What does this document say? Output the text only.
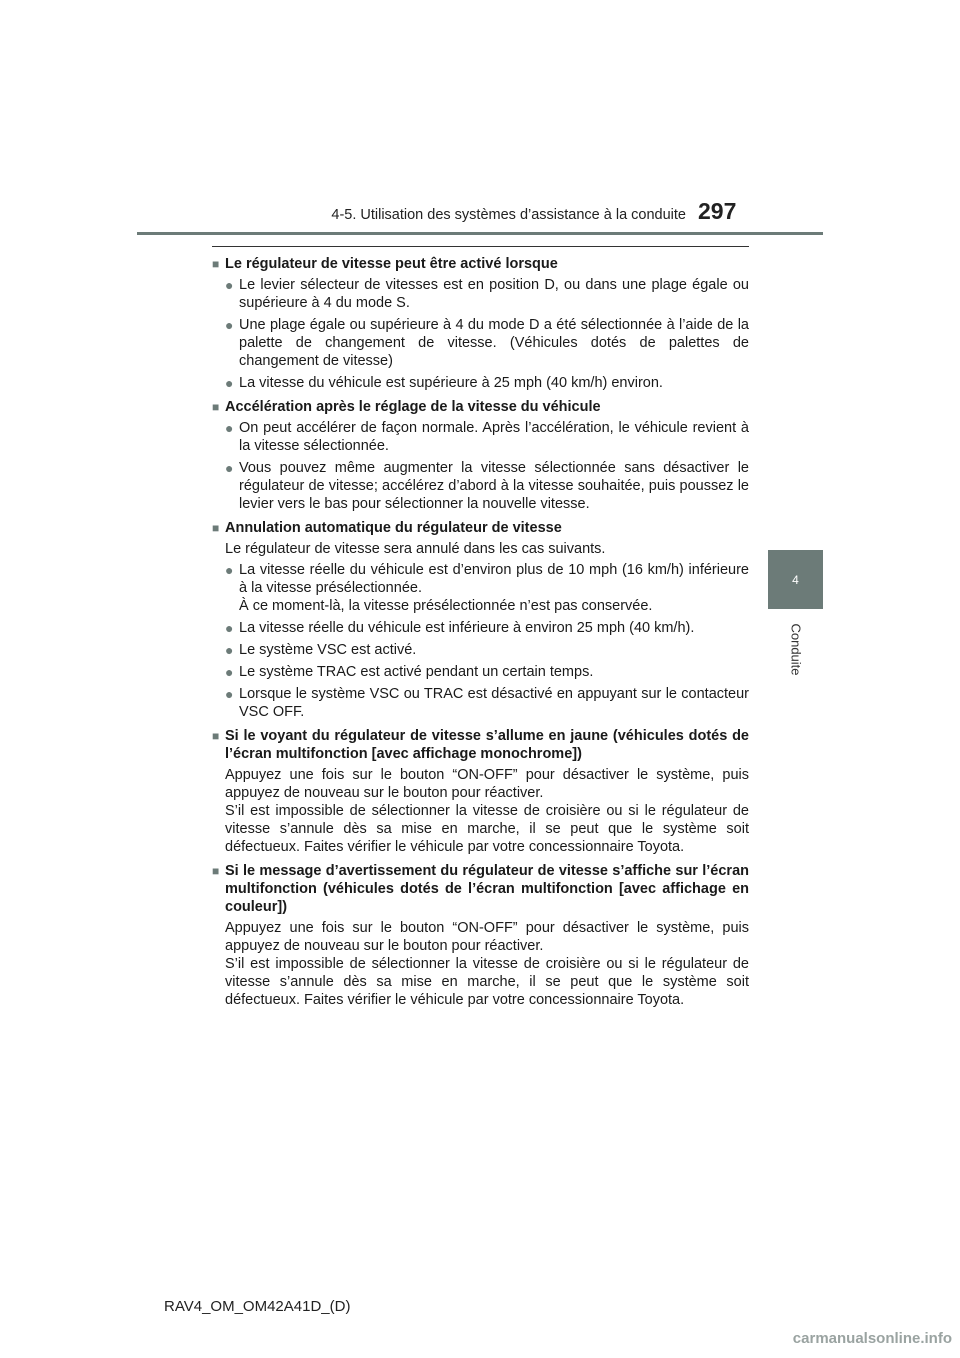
4-5. Utilisation des systèmes d’assistance à la conduite 297
4
Conduite
■ Le régulateur de vitesse peut être activé lorsque
● Le levier sélecteur de vitesses est en position D, ou dans une plage égale ou supérieure à 4 du mode S.
● Une plage égale ou supérieure à 4 du mode D a été sélectionnée à l’aide de la palette de changement de vitesse. (Véhicules dotés de palettes de changement de vitesse)
● La vitesse du véhicule est supérieure à 25 mph (40 km/h) environ.
■ Accélération après le réglage de la vitesse du véhicule
● On peut accélérer de façon normale. Après l’accélération, le véhicule revient à la vitesse sélectionnée.
● Vous pouvez même augmenter la vitesse sélectionnée sans désactiver le régulateur de vitesse; accélérez d’abord à la vitesse souhaitée, puis poussez le levier vers le bas pour sélectionner la nouvelle vitesse.
■ Annulation automatique du régulateur de vitesse
Le régulateur de vitesse sera annulé dans les cas suivants.
● La vitesse réelle du véhicule est d’environ plus de 10 mph (16 km/h) inférieure à la vitesse présélectionnée.
À ce moment-là, la vitesse présélectionnée n’est pas conservée.
● La vitesse réelle du véhicule est inférieure à environ 25 mph (40 km/h).
● Le système VSC est activé.
● Le système TRAC est activé pendant un certain temps.
● Lorsque le système VSC ou TRAC est désactivé en appuyant sur le contacteur VSC OFF.
■ Si le voyant du régulateur de vitesse s’allume en jaune (véhicules dotés de l’écran multifonction [avec affichage monochrome])
Appuyez une fois sur le bouton “ON-OFF” pour désactiver le système, puis appuyez de nouveau sur le bouton pour réactiver.
S’il est impossible de sélectionner la vitesse de croisière ou si le régulateur de vitesse s’annule dès sa mise en marche, il se peut que le système soit défectueux. Faites vérifier le véhicule par votre concessionnaire Toyota.
■ Si le message d’avertissement du régulateur de vitesse s’affiche sur l’écran multifonction (véhicules dotés de l’écran multifonction [avec affichage en couleur])
Appuyez une fois sur le bouton “ON-OFF” pour désactiver le système, puis appuyez de nouveau sur le bouton pour réactiver.
S’il est impossible de sélectionner la vitesse de croisière ou si le régulateur de vitesse s’annule dès sa mise en marche, il se peut que le système soit défectueux. Faites vérifier le véhicule par votre concessionnaire Toyota.
RAV4_OM_OM42A41D_(D)
carmanualsonline.info
